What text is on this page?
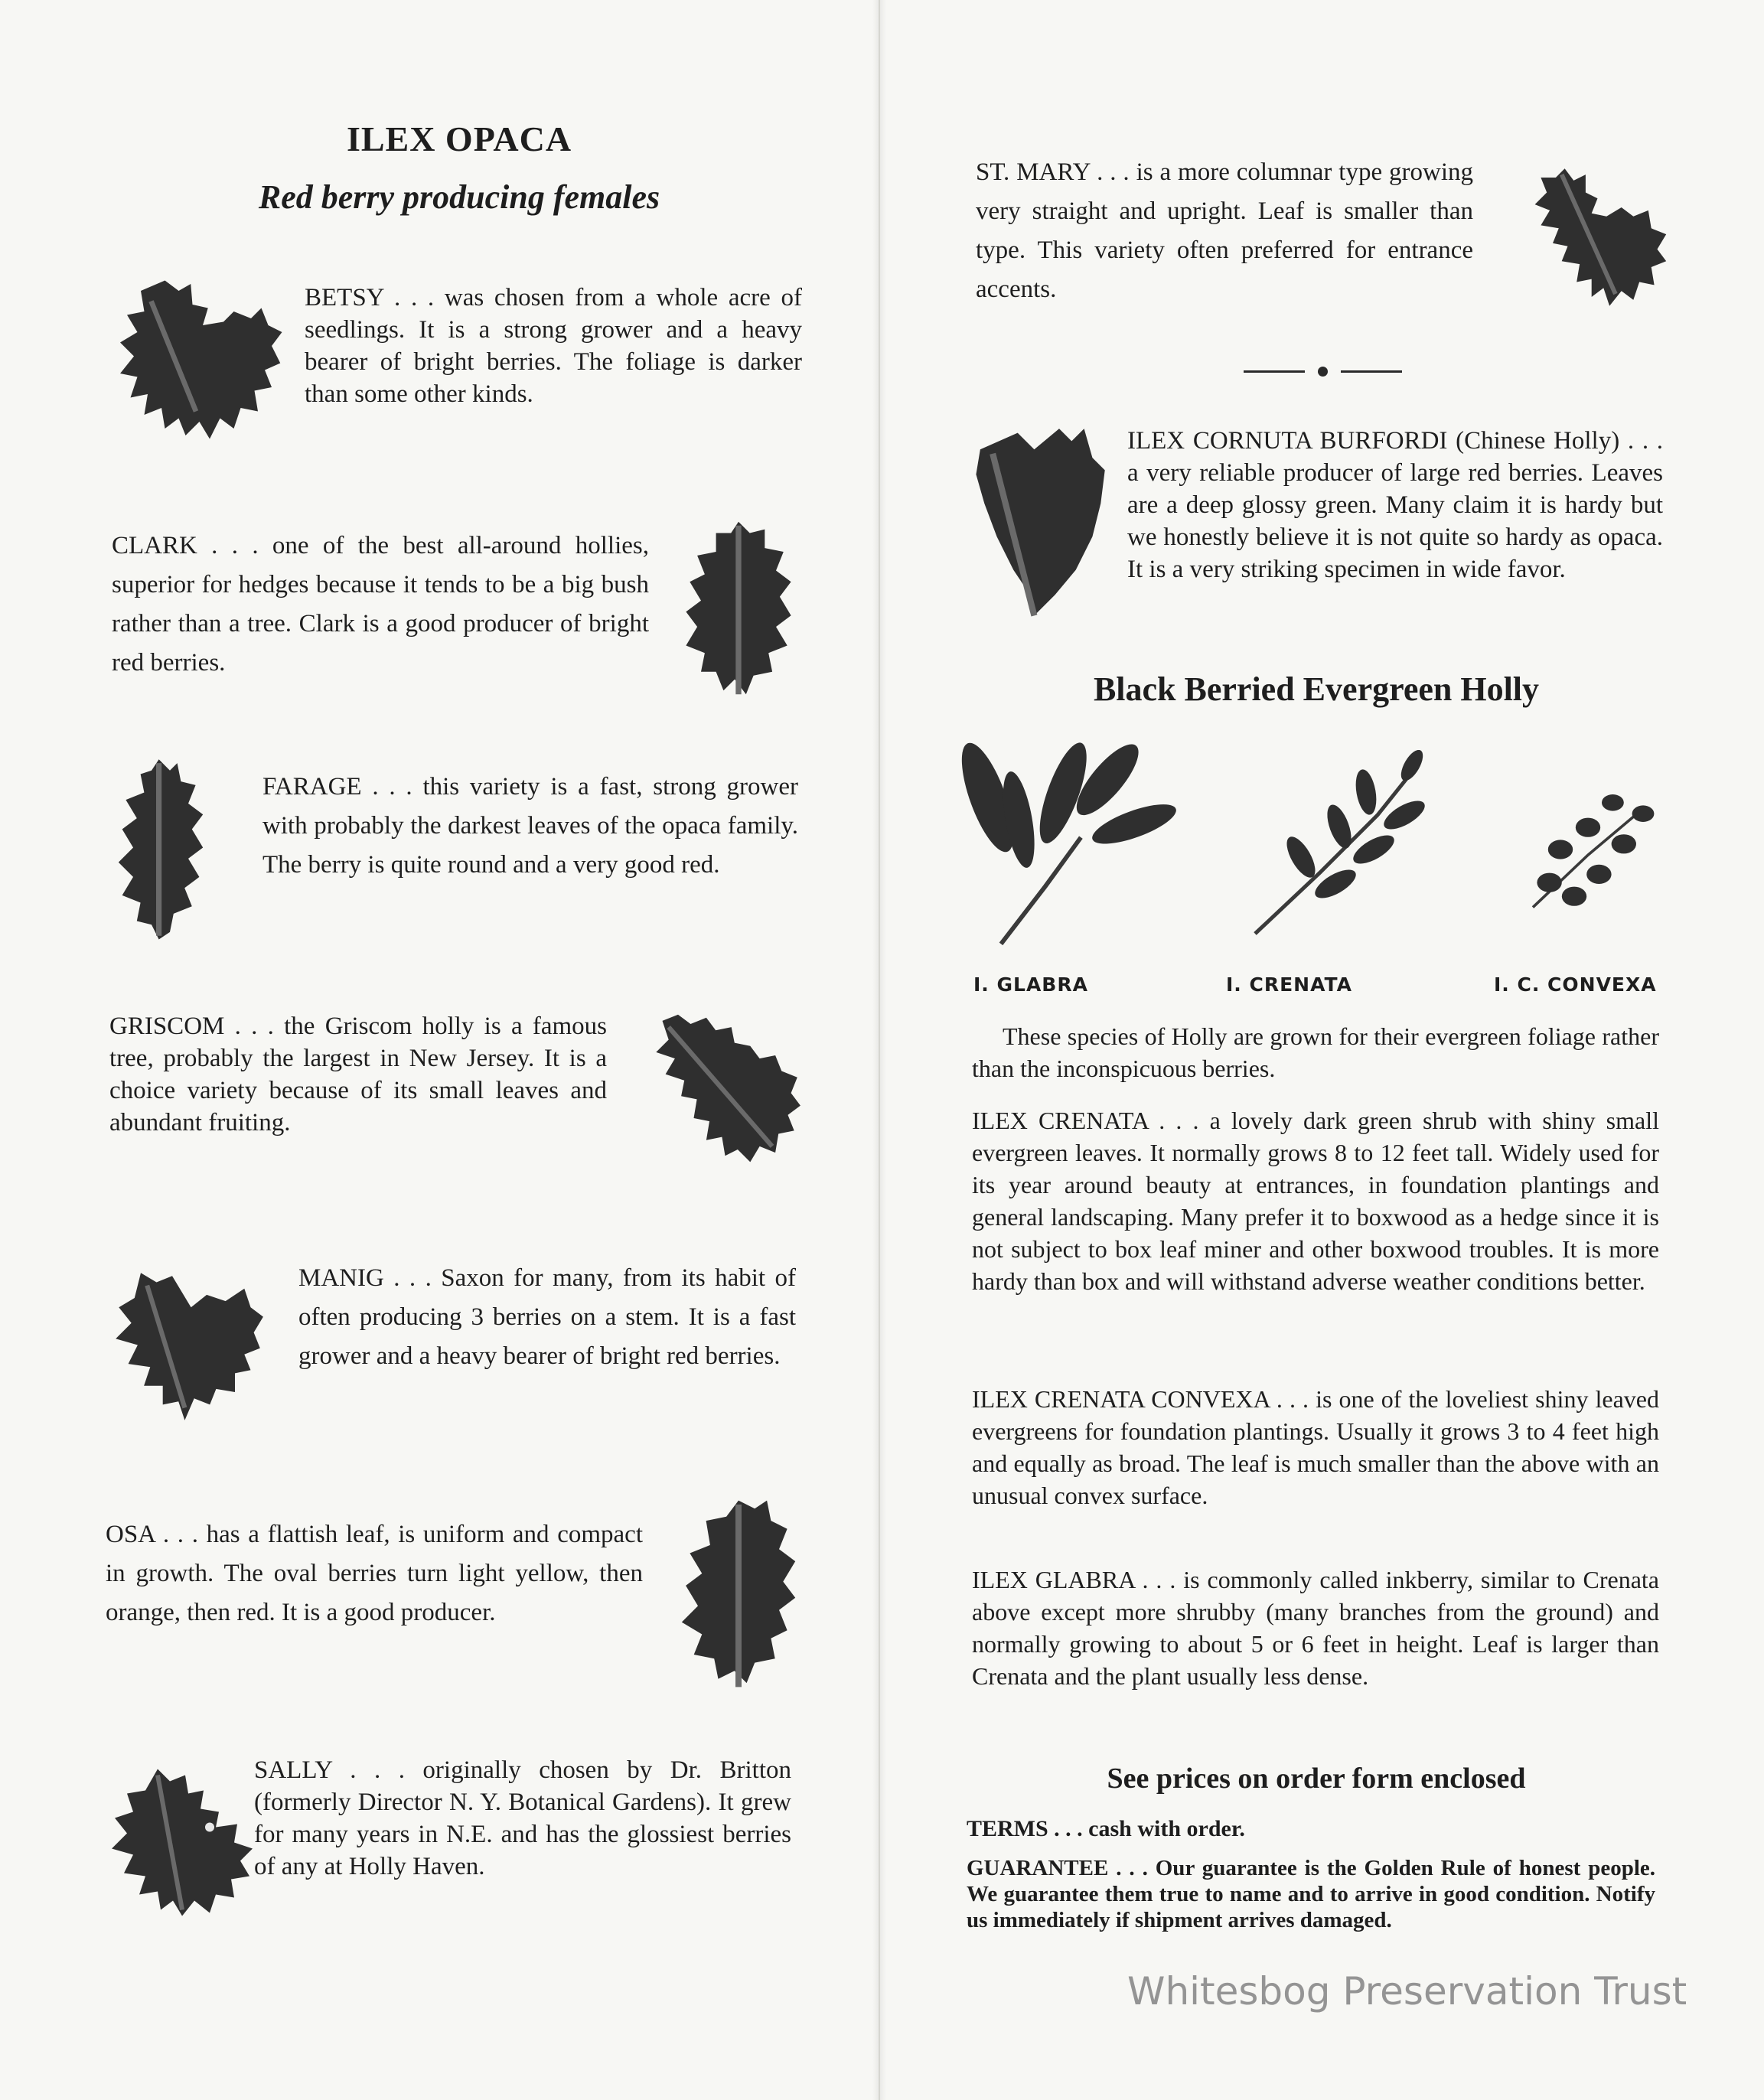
ILEX OPACA
Red berry producing females

BETSY . . . was chosen from a whole acre of seedlings. It is a strong grower and a heavy bearer of bright berries. The foliage is darker than some other kinds.

CLARK . . . one of the best all-around hollies, superior for hedges because it tends to be a big bush rather than a tree. Clark is a good producer of bright red berries.

FARAGE . . . this variety is a fast, strong grower with probably the darkest leaves of the opaca family. The berry is quite round and a very good red.

GRISCOM . . . the Griscom holly is a famous tree, probably the largest in New Jersey. It is a choice variety because of its small leaves and abundant fruiting.

MANIG . . . Saxon for many, from its habit of often producing 3 berries on a stem. It is a fast grower and a heavy bearer of bright red berries.

OSA . . . has a flattish leaf, is uniform and compact in growth. The oval berries turn light yellow, then orange, then red. It is a good producer.

SALLY . . . originally chosen by Dr. Britton (formerly Director N. Y. Botanical Gardens). It grew for many years in N.E. and has the glossiest berries of any at Holly Haven.

ST. MARY . . . is a more columnar type growing very straight and upright. Leaf is smaller than type. This variety often preferred for entrance accents.

ILEX CORNUTA BURFORDI (Chinese Holly) . . . a very reliable producer of large red berries. Leaves are a deep glossy green. Many claim it is hardy but we honestly believe it is not quite so hardy as opaca. It is a very striking specimen in wide favor.

Black Berried Evergreen Holly
I. GLABRA	I. CRENATA	I. C. CONVEXA

These species of Holly are grown for their evergreen foliage rather than the inconspicuous berries.

ILEX CRENATA . . . a lovely dark green shrub with shiny small evergreen leaves. It normally grows 8 to 12 feet tall. Widely used for its year around beauty at entrances, in foundation plantings and general landscaping. Many prefer it to boxwood as a hedge since it is not subject to box leaf miner and other boxwood troubles. It is more hardy than box and will withstand adverse weather conditions better.

ILEX CRENATA CONVEXA . . . is one of the loveliest shiny leaved evergreens for foundation plantings. Usually it grows 3 to 4 feet high and equally as broad. The leaf is much smaller than the above with an unusual convex surface.

ILEX GLABRA . . . is commonly called inkberry, similar to Crenata above except more shrubby (many branches from the ground) and normally growing to about 5 or 6 feet in height. Leaf is larger than Crenata and the plant usually less dense.

See prices on order form enclosed

TERMS . . . cash with order.

GUARANTEE . . . Our guarantee is the Golden Rule of honest people. We guarantee them true to name and to arrive in good condition. Notify us immediately if shipment arrives damaged.

Whitesbog Preservation Trust
